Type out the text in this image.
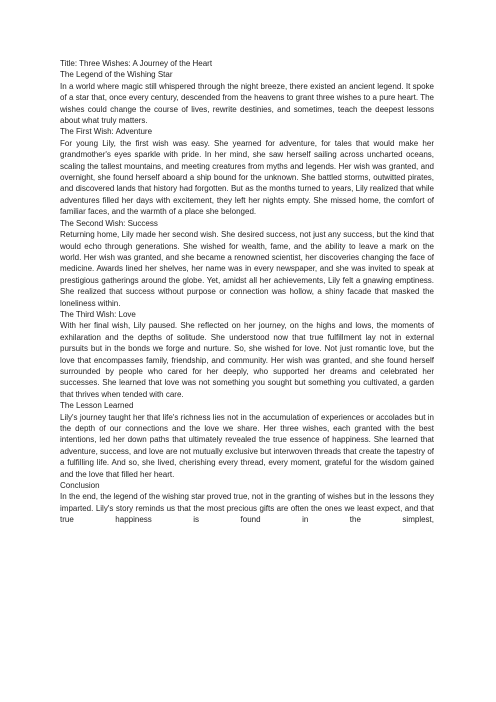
Title: Three Wishes: A Journey of the Heart

The Legend of the Wishing Star

In a world where magic still whispered through the night breeze, there existed an ancient legend. It spoke of a star that, once every century, descended from the heavens to grant three wishes to a pure heart. The wishes could change the course of lives, rewrite destinies, and sometimes, teach the deepest lessons about what truly matters.

The First Wish: Adventure

For young Lily, the first wish was easy. She yearned for adventure, for tales that would make her grandmother's eyes sparkle with pride. In her mind, she saw herself sailing across uncharted oceans, scaling the tallest mountains, and meeting creatures from myths and legends. Her wish was granted, and overnight, she found herself aboard a ship bound for the unknown. She battled storms, outwitted pirates, and discovered lands that history had forgotten. But as the months turned to years, Lily realized that while adventures filled her days with excitement, they left her nights empty. She missed home, the comfort of familiar faces, and the warmth of a place she belonged.

The Second Wish: Success

Returning home, Lily made her second wish. She desired success, not just any success, but the kind that would echo through generations. She wished for wealth, fame, and the ability to leave a mark on the world. Her wish was granted, and she became a renowned scientist, her discoveries changing the face of medicine. Awards lined her shelves, her name was in every newspaper, and she was invited to speak at prestigious gatherings around the globe. Yet, amidst all her achievements, Lily felt a gnawing emptiness. She realized that success without purpose or connection was hollow, a shiny facade that masked the loneliness within.

The Third Wish: Love

With her final wish, Lily paused. She reflected on her journey, on the highs and lows, the moments of exhilaration and the depths of solitude. She understood now that true fulfillment lay not in external pursuits but in the bonds we forge and nurture. So, she wished for love. Not just romantic love, but the love that encompasses family, friendship, and community. Her wish was granted, and she found herself surrounded by people who cared for her deeply, who supported her dreams and celebrated her successes. She learned that love was not something you sought but something you cultivated, a garden that thrives when tended with care.

The Lesson Learned

Lily's journey taught her that life's richness lies not in the accumulation of experiences or accolades but in the depth of our connections and the love we share. Her three wishes, each granted with the best intentions, led her down paths that ultimately revealed the true essence of happiness. She learned that adventure, success, and love are not mutually exclusive but interwoven threads that create the tapestry of a fulfilling life. And so, she lived, cherishing every thread, every moment, grateful for the wisdom gained and the love that filled her heart.

Conclusion

In the end, the legend of the wishing star proved true, not in the granting of wishes but in the lessons they imparted. Lily's story reminds us that the most precious gifts are often the ones we least expect, and that true happiness is found in the simplest,
